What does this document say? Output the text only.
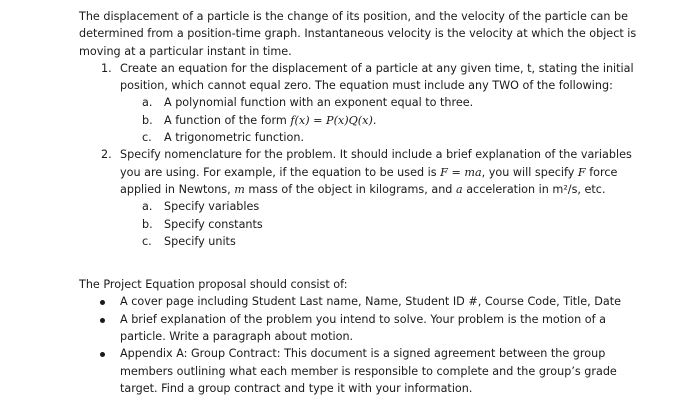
The displacement of a particle is the change of its position, and the velocity of the particle can be determined from a position-time graph. Instantaneous velocity is the velocity at which the object is moving at a particular instant in time.

1. Create an equation for the displacement of a particle at any given time, t, stating the initial position, which cannot equal zero. The equation must include any TWO of the following:
a. A polynomial function with an exponent equal to three.
b. A function of the form f(x) = P(x)Q(x).
c. A trigonometric function.
2. Specify nomenclature for the problem. It should include a brief explanation of the variables you are using. For example, if the equation to be used is F = ma, you will specify F force applied in Newtons, m mass of the object in kilograms, and a acceleration in m²/s, etc.
a. Specify variables
b. Specify constants
c. Specify units

The Project Equation proposal should consist of:

A cover page including Student Last name, Name, Student ID #, Course Code, Title, Date
A brief explanation of the problem you intend to solve. Your problem is the motion of a particle. Write a paragraph about motion.
Appendix A: Group Contract: This document is a signed agreement between the group members outlining what each member is responsible to complete and the group’s grade target. Find a group contract and type it with your information.
